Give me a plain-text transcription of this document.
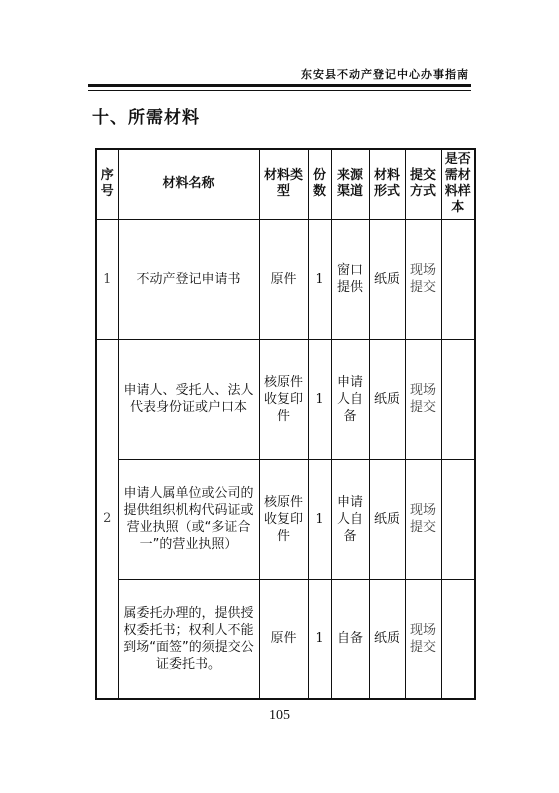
东安县不动产登记中心办事指南
十、所需材料
序号	材料名称	材料类型	份数	来源渠道	材料形式	提交方式	是否需材料样本
1	不动产登记申请书	原件	1	窗口提供	纸质	现场提交	
2	申请人、受托人、法人代表身份证或户口本	核原件收复印件	1	申请人自备	纸质	现场提交	
	申请人属单位或公司的提供组织机构代码证或营业执照（或“多证合一”的营业执照）	核原件收复印件	1	申请人自备	纸质	现场提交	
	属委托办理的，提供授权委托书；权利人不能到场“面签”的须提交公证委托书。	原件	1	自备	纸质	现场提交	
105
